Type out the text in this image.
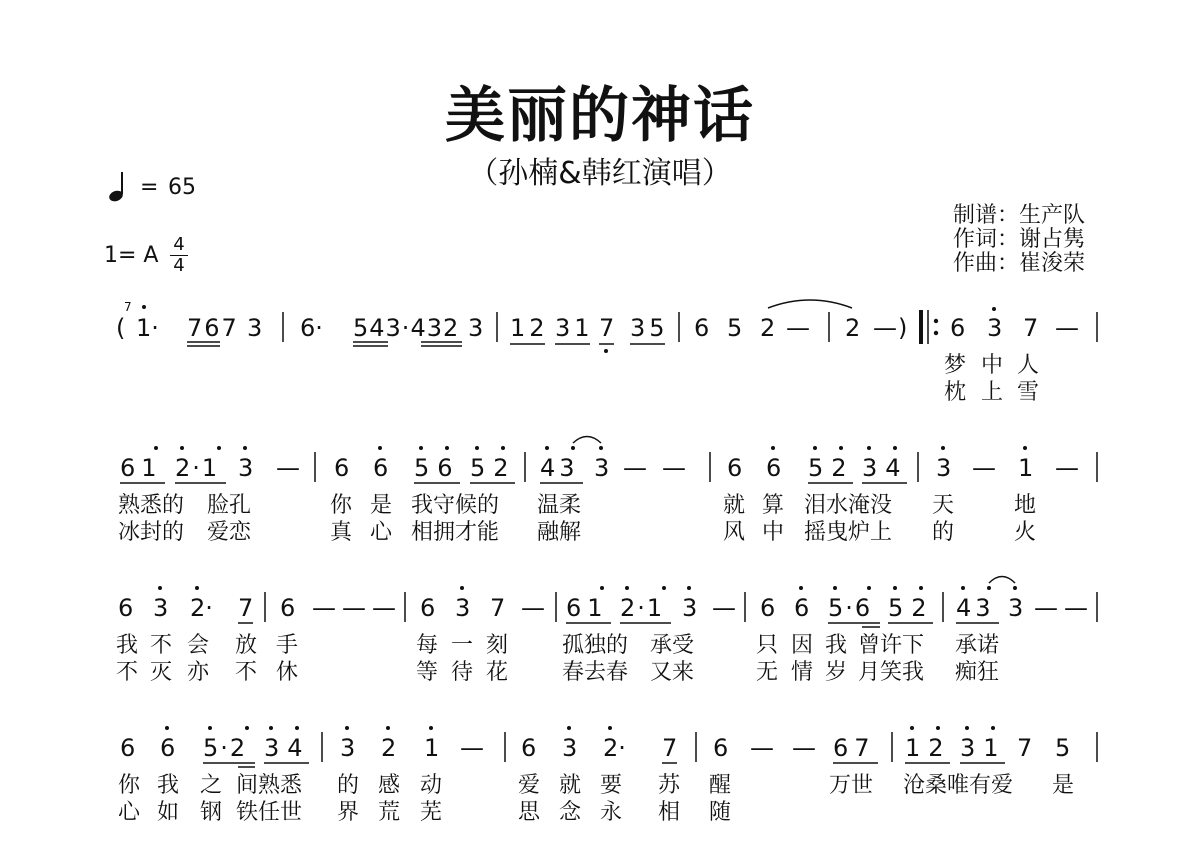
美丽的神话
（孙楠&韩红演唱）
= 65
1= A 4
4
制谱：生产队
作词：谢占隽
作曲：崔浚荣
(
7
1· 767 3 6· 543·432 3 12 31 7 35 6 5 2 — 2 — ) 6 3 7 —
梦 中 人
枕 上 雪
61 2·1 3 — 6 6 56 52 43 3 — — 6 6 52 34 3 — 1 —
熟悉的 脸孔	你 是 我守候的 温柔	就 算 泪水淹没 天	地
冰封的 爱恋	真 心 相拥才能 融解	风 中 摇曳炉上 的	火
6 3 2· 7 6 — — — 6 3 7 — 61 2·1 3 — 6 6 5·6 52 43 3 — —
我 不 会 放 手	每 一 刻 孤独的 承受	只 因 我 曾许下 承诺
不 灭 亦 不 休	等 待 花 春去春 又来	无 情 岁 月笑我 痴狂
6 6 5·2 34 3 2 1 — 6 3 2· 7 6 — — 67 12 31 7 5
你 我 之 间熟悉 的 感 动	爱 就 要 苏 醒	万世 沧桑唯有爱 是
心 如 钢 铁任世 界 荒 芜	思 念 永 相 随
